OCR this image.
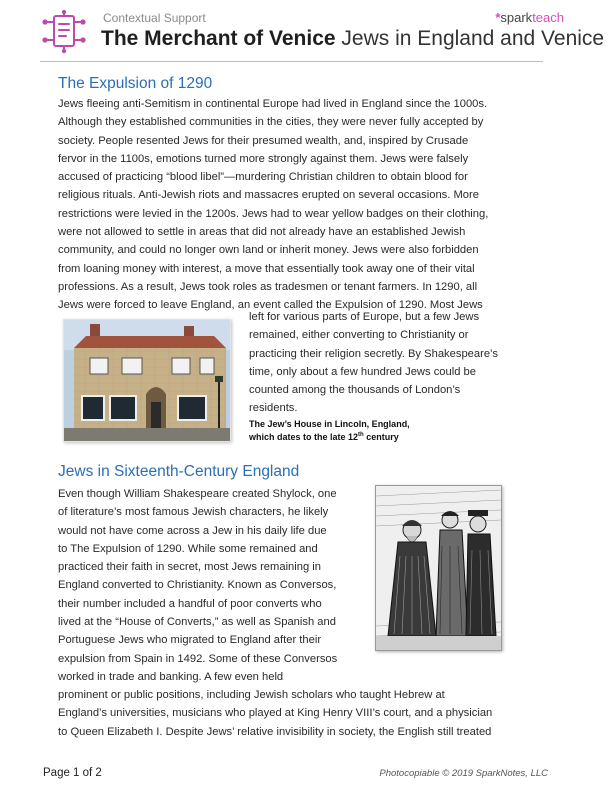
Contextual Support
The Merchant of Venice Jews in England and Venice
*sparkteach
The Expulsion of 1290
Jews fleeing anti-Semitism in continental Europe had lived in England since the 1000s.
Although they established communities in the cities, they were never fully accepted by
society. People resented Jews for their presumed wealth, and, inspired by Crusade
fervor in the 1100s, emotions turned more strongly against them. Jews were falsely
accused of practicing “blood libel”—murdering Christian children to obtain blood for
religious rituals. Anti-Jewish riots and massacres erupted on several occasions. More
restrictions were levied in the 1200s. Jews had to wear yellow badges on their clothing,
were not allowed to settle in areas that did not already have an established Jewish
community, and could no longer own land or inherit money. Jews were also forbidden
from loaning money with interest, a move that essentially took away one of their vital
professions. As a result, Jews took roles as tradesmen or tenant farmers. In 1290, all
Jews were forced to leave England, an event called the Expulsion of 1290. Most Jews
left for various parts of Europe, but a few Jews
remained, either converting to Christianity or
practicing their religion secretly. By Shakespeare’s
time, only about a few hundred Jews could be
counted among the thousands of London’s
residents.
The Jew’s House in Lincoln, England,
which dates to the late 12th century
Jews in Sixteenth-Century England
Even though William Shakespeare created Shylock, one
of literature’s most famous Jewish characters, he likely
would not have come across a Jew in his daily life due
to The Expulsion of 1290. While some remained and
practiced their faith in secret, most Jews remaining in
England converted to Christianity. Known as Conversos,
their number included a handful of poor converts who
lived at the “House of Converts,” as well as Spanish and
Portuguese Jews who migrated to England after their
expulsion from Spain in 1492. Some of these Conversos
worked in trade and banking. A few even held
prominent or public positions, including Jewish scholars who taught Hebrew at
England’s universities, musicians who played at King Henry VIII’s court, and a physician
to Queen Elizabeth I. Despite Jews’ relative invisibility in society, the English still treated
Page 1 of 2	Photocopiable © 2019 SparkNotes, LLC
